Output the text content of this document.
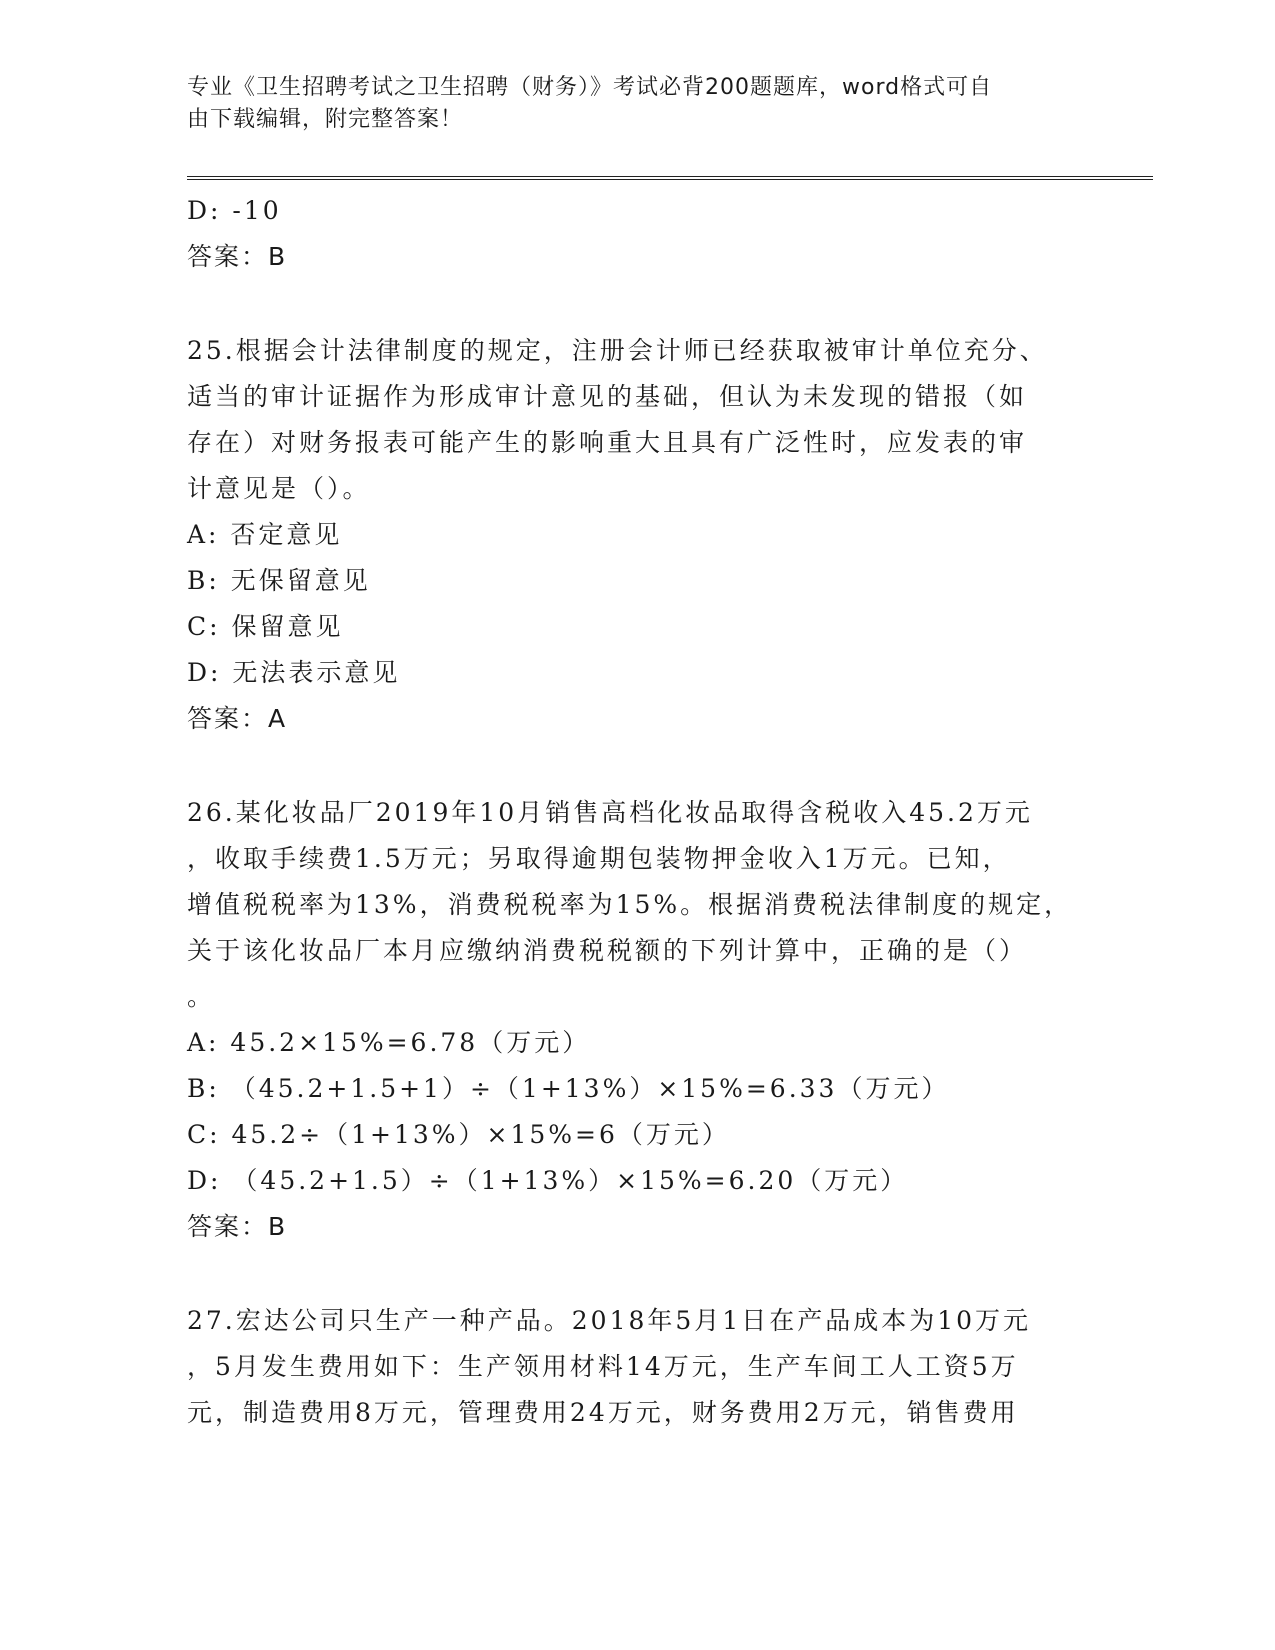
专业《卫生招聘考试之卫生招聘（财务）》考试必背200题题库，word格式可自
由下载编辑，附完整答案！
D: -10
答案：B
25.根据会计法律制度的规定，注册会计师已经获取被审计单位充分、
适当的审计证据作为形成审计意见的基础，但认为未发现的错报（如
存在）对财务报表可能产生的影响重大且具有广泛性时，应发表的审
计意见是（）。
A: 否定意见
B: 无保留意见
C: 保留意见
D: 无法表示意见
答案：A
26.某化妆品厂2019年10月销售高档化妆品取得含税收入45.2万元
，收取手续费1.5万元；另取得逾期包装物押金收入1万元。已知，
增值税税率为13%，消费税税率为15%。根据消费税法律制度的规定，
关于该化妆品厂本月应缴纳消费税税额的下列计算中，正确的是（）
。
A: 45.2×15%=6.78（万元）
B: （45.2+1.5+1）÷（1+13%）×15%=6.33（万元）
C: 45.2÷（1+13%）×15%=6（万元）
D: （45.2+1.5）÷（1+13%）×15%=6.20（万元）
答案：B
27.宏达公司只生产一种产品。2018年5月1日在产品成本为10万元
，5月发生费用如下：生产领用材料14万元，生产车间工人工资5万
元，制造费用8万元，管理费用24万元，财务费用2万元，销售费用
